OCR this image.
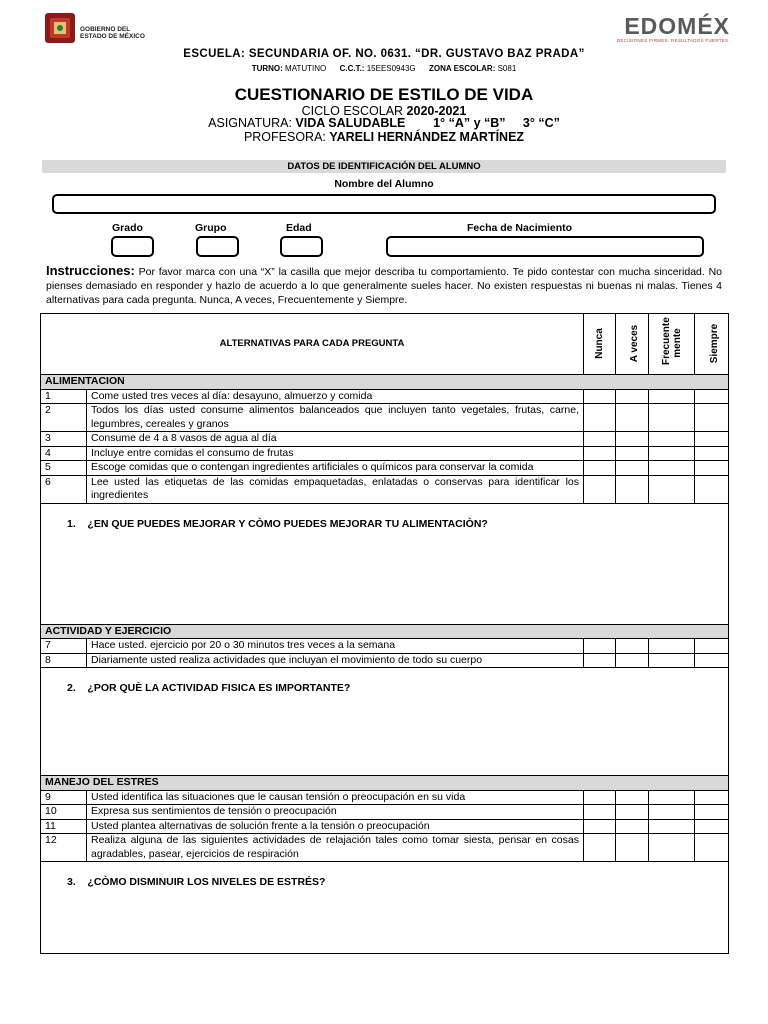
GOBIERNO DEL
ESTADO DE MÉXICO	EDOMÉX
DECISIONES FIRMES. RESULTADOS FUERTES.
ESCUELA: SECUNDARIA OF. NO. 0631. “DR. GUSTAVO BAZ PRADA”
TURNO: MATUTINO C.C.T.: 15EES0943G ZONA ESCOLAR: S081
CUESTIONARIO DE ESTILO DE VIDA
CICLO ESCOLAR 2020-2021
ASIGNATURA: VIDA SALUDABLE        1° “A” y “B”     3° “C”
PROFESORA: YARELI HERNÁNDEZ MARTÍNEZ
DATOS DE IDENTIFICACIÓN DEL ALUMNO
Nombre del Alumno
Grado	Grupo	Edad	Fecha de Nacimiento
Instrucciones: Por favor marca con una “X” la casilla que mejor describa tu comportamiento. Te pido contestar con mucha sinceridad. No pienses demasiado en responder y hazlo de acuerdo a lo que generalmente sueles hacer. No existen respuestas ni buenas ni malas. Tienes 4 alternativas para cada pregunta. Nunca, A veces, Frecuentemente y Siempre.
ALTERNATIVAS PARA CADA PREGUNTA		Nunca	A veces	Frecuente mente	Siempre
ALIMENTACION					
1	Come usted tres veces al día: desayuno, almuerzo y comida				
2	Todos los días usted consume alimentos balanceados que incluyen tanto vegetales, frutas, carne, legumbres, cereales y granos				
3	Consume de 4 a 8 vasos de agua al día				
4	Incluye entre comidas el consumo de frutas				
5	Escoge comidas que o contengan ingredientes artificiales o químicos para conservar la comida				
6	Lee usted las etiquetas de las comidas empaquetadas, enlatadas o conservas para identificar los ingredientes				
1.    ¿EN QUE PUEDES MEJORAR Y CÒMO PUEDES MEJORAR TU ALIMENTACIÒN?					
ACTIVIDAD Y EJERCICIO					
7	Hace usted. ejercicio por 20 o 30 minutos tres veces a la semana				
8	Diariamente usted realiza actividades que incluyan el movimiento de todo su cuerpo				
2.    ¿POR QUÈ LA ACTIVIDAD FISICA ES IMPORTANTE?					
MANEJO DEL ESTRES					
9	Usted identifica las situaciones que le causan tensión o preocupación en su vida				
10	Expresa sus sentimientos de tensión o preocupación				
11	Usted plantea alternativas de solución frente a la tensión o preocupación				
12	Realiza alguna de las siguientes actividades de relajación tales como tomar siesta, pensar en cosas agradables, pasear, ejercicios de respiración				
3.    ¿CÒMO DISMINUIR LOS NIVELES DE ESTRÉS?					
